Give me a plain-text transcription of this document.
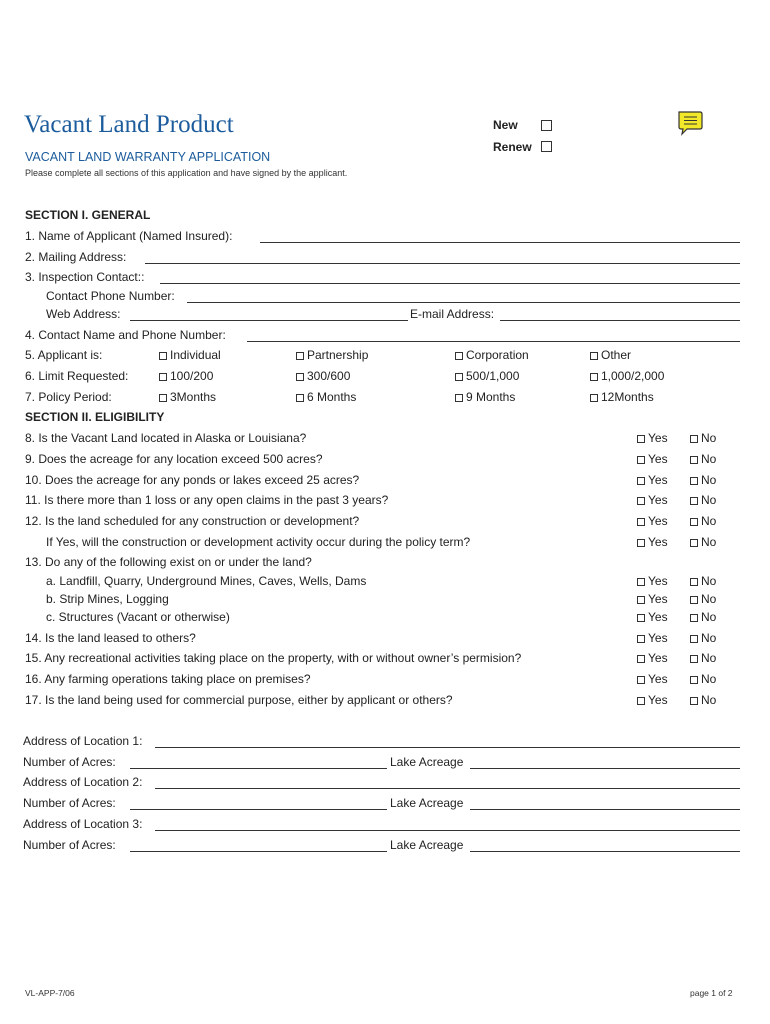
Vacant Land Product
VACANT LAND WARRANTY APPLICATION
Please complete all sections of this application and have signed by the applicant.
New
Renew
SECTION I. GENERAL
1. Name of Applicant (Named Insured):
2. Mailing Address:
3. Inspection Contact::
Contact Phone Number:
Web Address:	E-mail Address:
4. Contact Name and Phone Number:
5. Applicant is:	Individual	Partnership	Corporation	Other
6. Limit Requested:	100/200	300/600	500/1,000	1,000/2,000
7. Policy Period:	3Months	6 Months	9 Months	12Months
SECTION II. ELIGIBILITY
8. Is the Vacant Land located in Alaska or Louisiana?	Yes	No
9. Does the acreage for any location exceed 500 acres?	Yes	No
10. Does the acreage for any ponds or lakes exceed 25 acres?	Yes	No
11. Is there more than 1 loss or any open claims in the past 3 years?	Yes	No
12. Is the land scheduled for any construction or development?	Yes	No
If Yes, will the construction or development activity occur during the policy term?	Yes	No
13. Do any of the following exist on or under the land?
a. Landfill, Quarry, Underground Mines, Caves, Wells, Dams	Yes	No
b. Strip Mines, Logging	Yes	No
c. Structures (Vacant or otherwise)	Yes	No
14. Is the land leased to others?	Yes	No
15. Any recreational activities taking place on the property, with or without owner’s permision?	Yes	No
16. Any farming operations taking place on premises?	Yes	No
17. Is the land being used for commercial purpose, either by applicant or others?	Yes	No
Address of Location 1:
Number of Acres:	Lake Acreage
Address of Location 2:
Number of Acres:	Lake Acreage
Address of Location 3:
Number of Acres:	Lake Acreage
VL-APP-7/06	page 1 of 2
